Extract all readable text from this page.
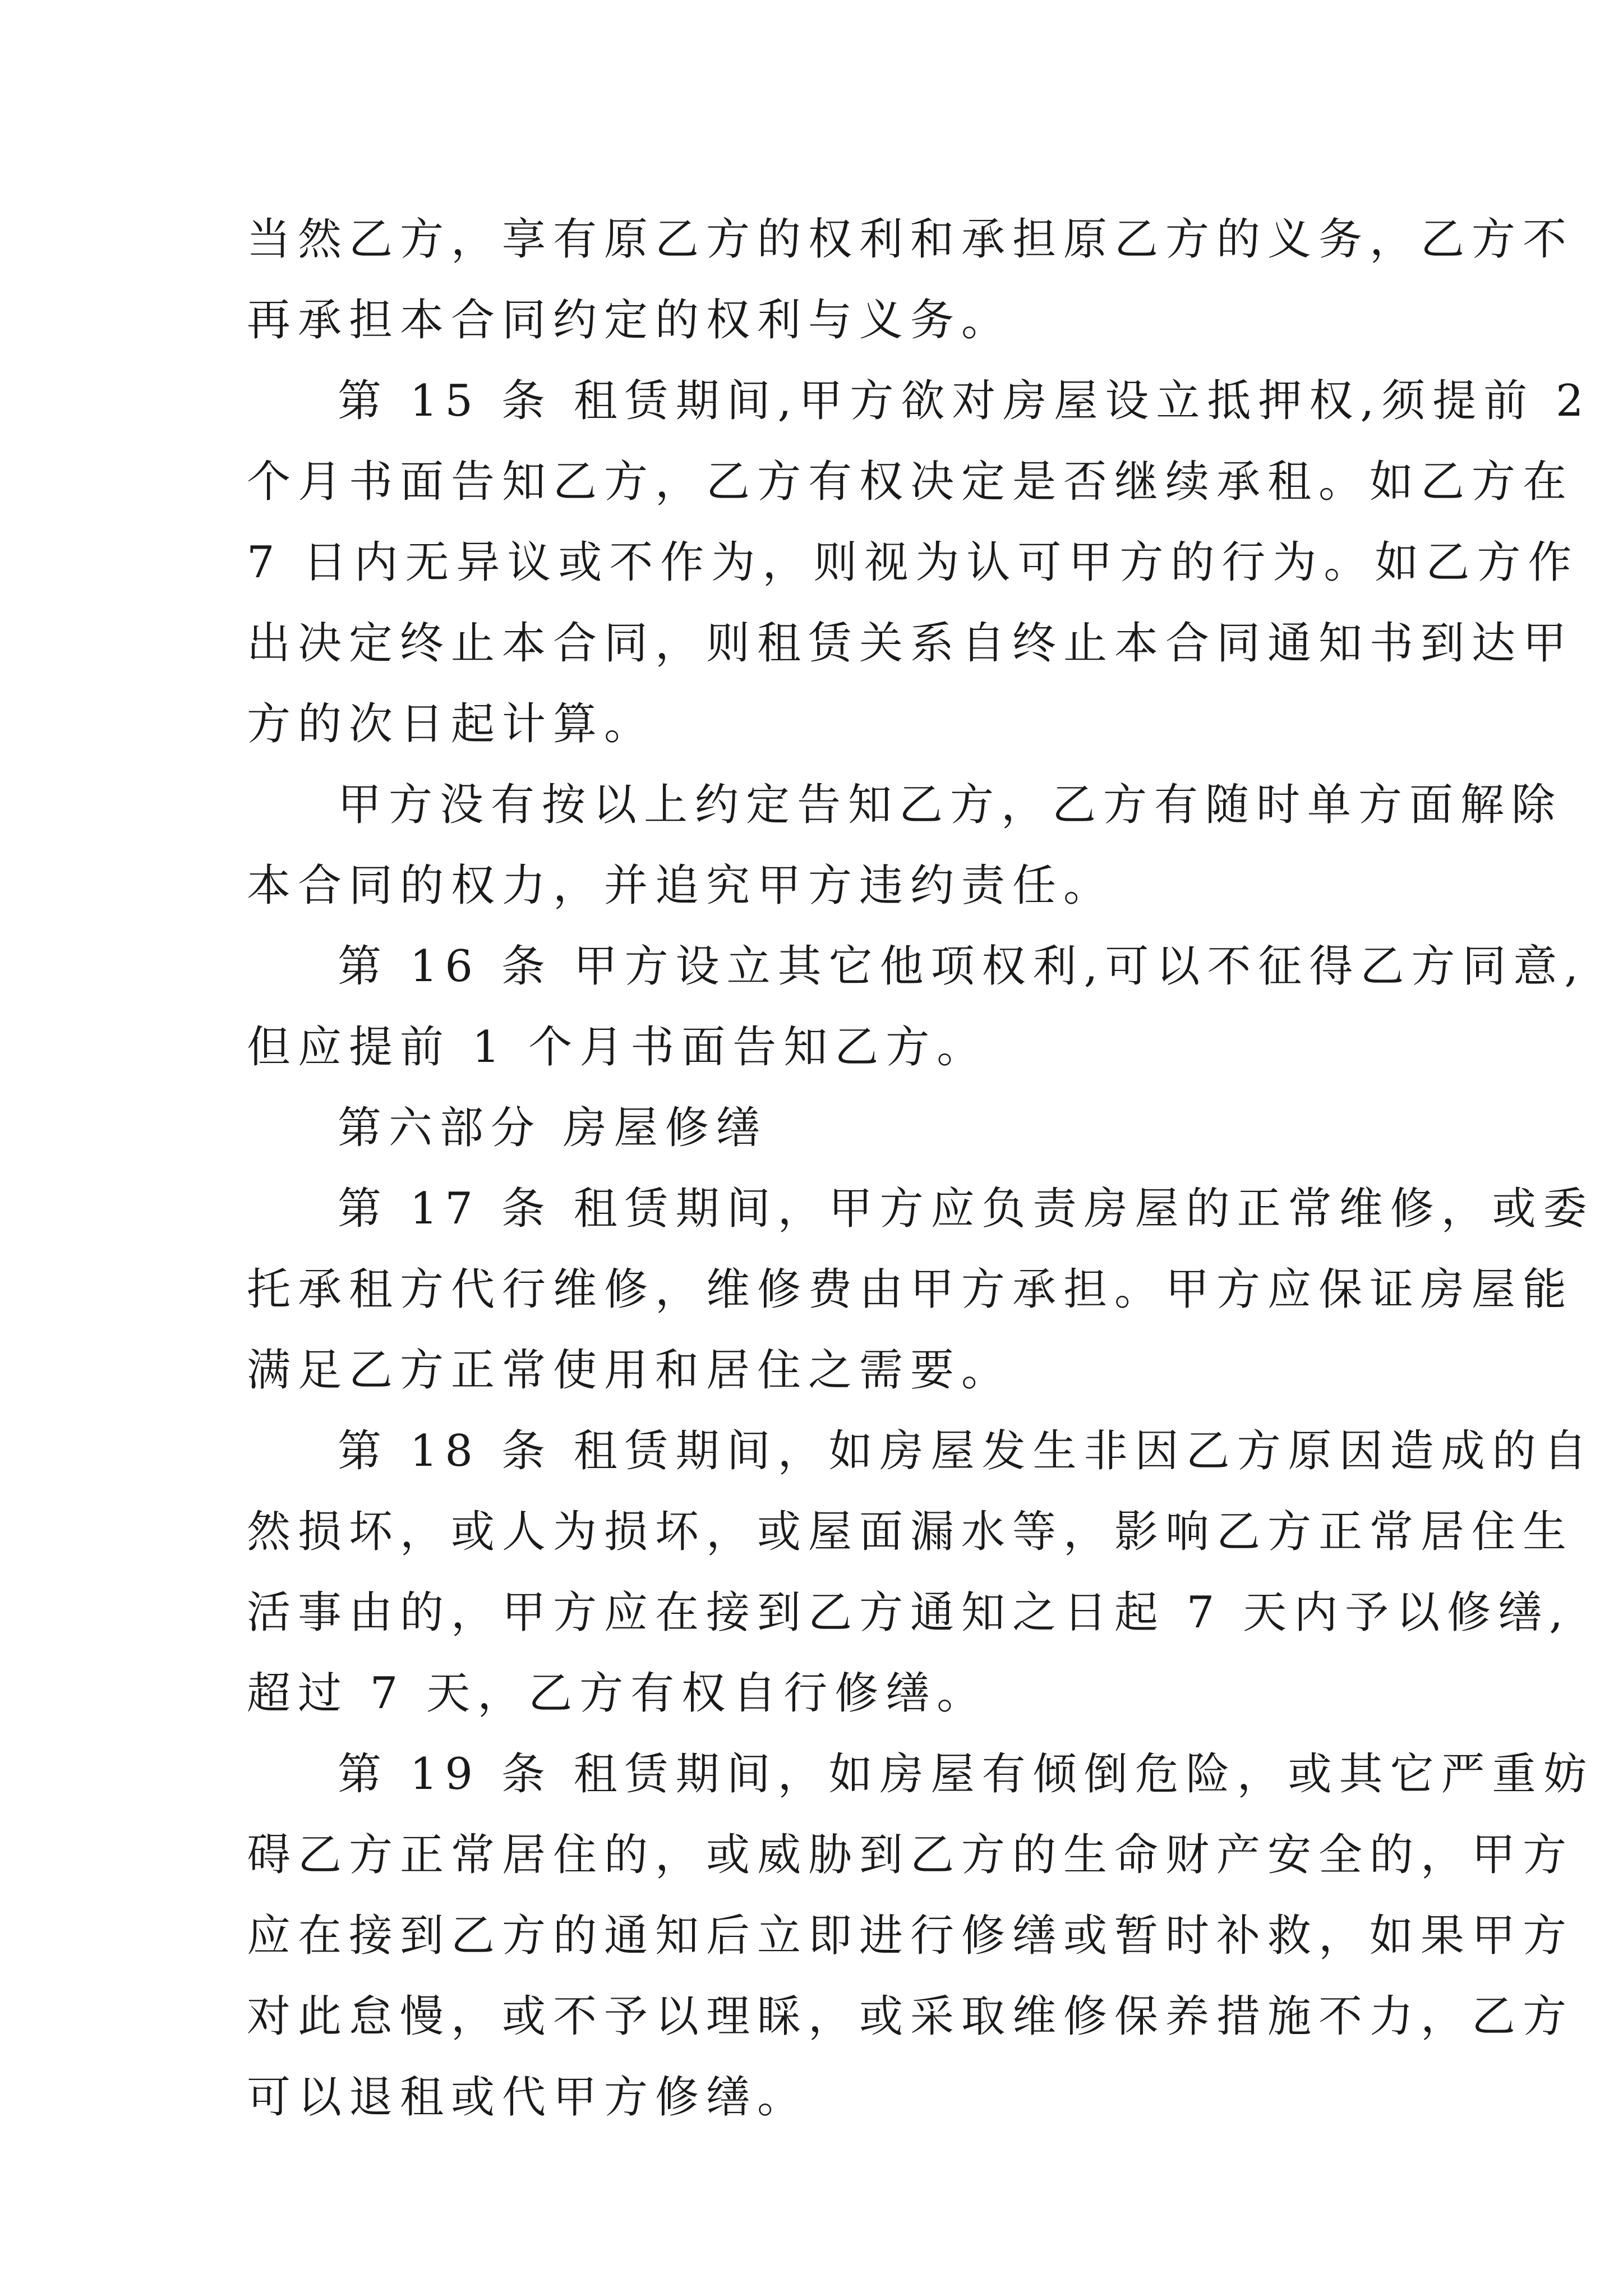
当然乙方，享有原乙方的权利和承担原乙方的义务，乙方不

再承担本合同约定的权利与义务。

第 15 条 租赁期间,甲方欲对房屋设立抵押权,须提前 2

个月书面告知乙方，乙方有权决定是否继续承租。如乙方在

7 日内无异议或不作为，则视为认可甲方的行为。如乙方作

出决定终止本合同，则租赁关系自终止本合同通知书到达甲

方的次日起计算。

甲方没有按以上约定告知乙方，乙方有随时单方面解除

本合同的权力，并追究甲方违约责任。

第 16 条 甲方设立其它他项权利,可以不征得乙方同意,

但应提前 1 个月书面告知乙方。

第六部分 房屋修缮

第 17 条 租赁期间，甲方应负责房屋的正常维修，或委

托承租方代行维修，维修费由甲方承担。甲方应保证房屋能

满足乙方正常使用和居住之需要。

第 18 条 租赁期间，如房屋发生非因乙方原因造成的自

然损坏，或人为损坏，或屋面漏水等，影响乙方正常居住生

活事由的，甲方应在接到乙方通知之日起 7 天内予以修缮,

超过 7 天，乙方有权自行修缮。

第 19 条 租赁期间，如房屋有倾倒危险，或其它严重妨

碍乙方正常居住的，或威胁到乙方的生命财产安全的，甲方

应在接到乙方的通知后立即进行修缮或暂时补救，如果甲方

对此怠慢，或不予以理睬，或采取维修保养措施不力，乙方

可以退租或代甲方修缮。
